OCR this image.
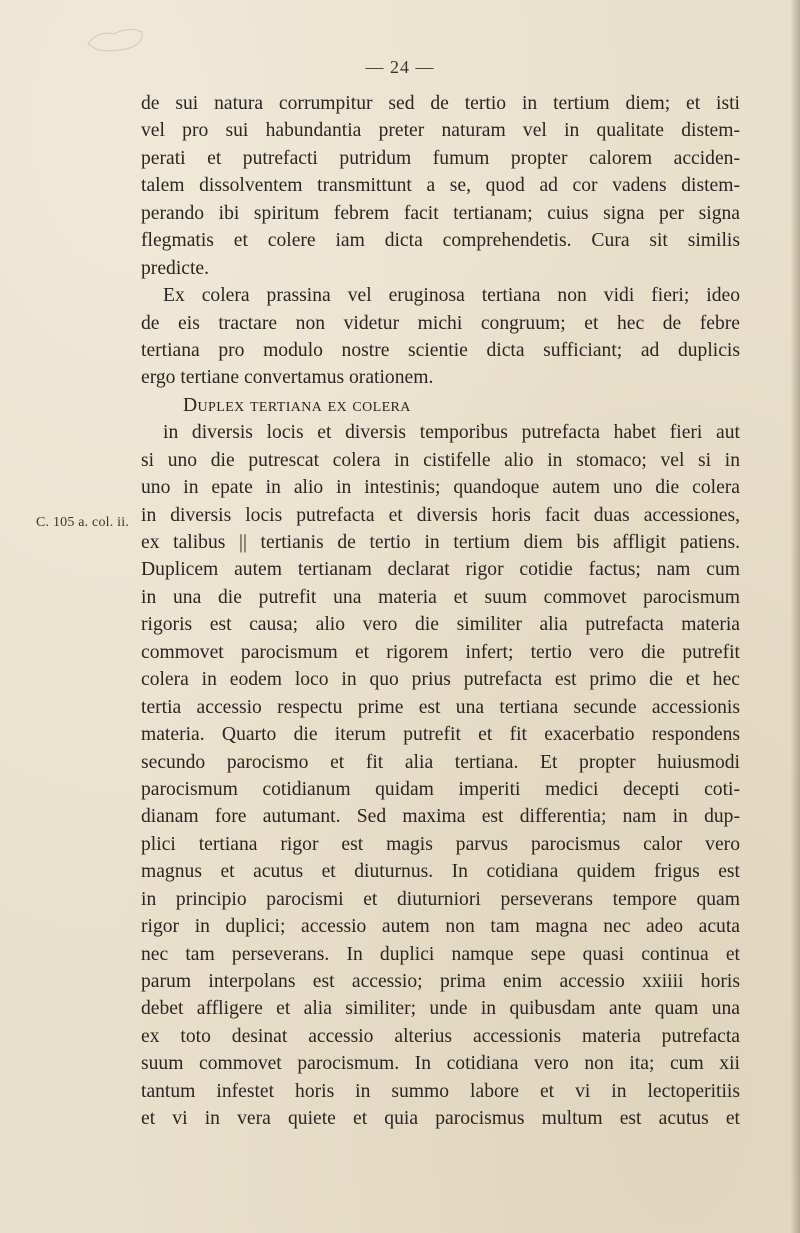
— 24 —
C. 105 a. col. ii.
de sui natura corrumpitur sed de tertio in tertium diem; et isti
vel pro sui habundantia preter naturam vel in qualitate distem-
perati et putrefacti putridum fumum propter calorem acciden-
talem dissolventem transmittunt a se, quod ad cor vadens distem-
perando ibi spiritum febrem facit tertianam; cuius signa per signa
flegmatis et colere iam dicta comprehendetis. Cura sit similis
predicte.
Ex colera prassina vel eruginosa tertiana non vidi fieri; ideo
de eis tractare non videtur michi congruum; et hec de febre
tertiana pro modulo nostre scientie dicta sufficiant; ad duplicis
ergo tertiane convertamus orationem.
Duplex tertiana ex colera
in diversis locis et diversis temporibus putrefacta habet fieri aut
si uno die putrescat colera in cistifelle alio in stomaco; vel si in
uno in epate in alio in intestinis; quandoque autem uno die colera
in diversis locis putrefacta et diversis horis facit duas accessiones,
ex talibus || tertianis de tertio in tertium diem bis affligit patiens.
Duplicem autem tertianam declarat rigor cotidie factus; nam cum
in una die putrefit una materia et suum commovet parocismum
rigoris est causa; alio vero die similiter alia putrefacta materia
commovet parocismum et rigorem infert; tertio vero die putrefit
colera in eodem loco in quo prius putrefacta est primo die et hec
tertia accessio respectu prime est una tertiana secunde accessionis
materia. Quarto die iterum putrefit et fit exacerbatio respondens
secundo parocismo et fit alia tertiana. Et propter huiusmodi
parocismum cotidianum quidam imperiti medici decepti coti-
dianam fore autumant. Sed maxima est differentia; nam in dup-
plici tertiana rigor est magis parvus parocismus calor vero
magnus et acutus et diuturnus. In cotidiana quidem frigus est
in principio parocismi et diuturniori perseverans tempore quam
rigor in duplici; accessio autem non tam magna nec adeo acuta
nec tam perseverans. In duplici namque sepe quasi continua et
parum interpolans est accessio; prima enim accessio xxiiii horis
debet affligere et alia similiter; unde in quibusdam ante quam una
ex toto desinat accessio alterius accessionis materia putrefacta
suum commovet parocismum. In cotidiana vero non ita; cum xii
tantum infestet horis in summo labore et vi in lectoperitiis
et vi in vera quiete et quia parocismus multum est acutus et
